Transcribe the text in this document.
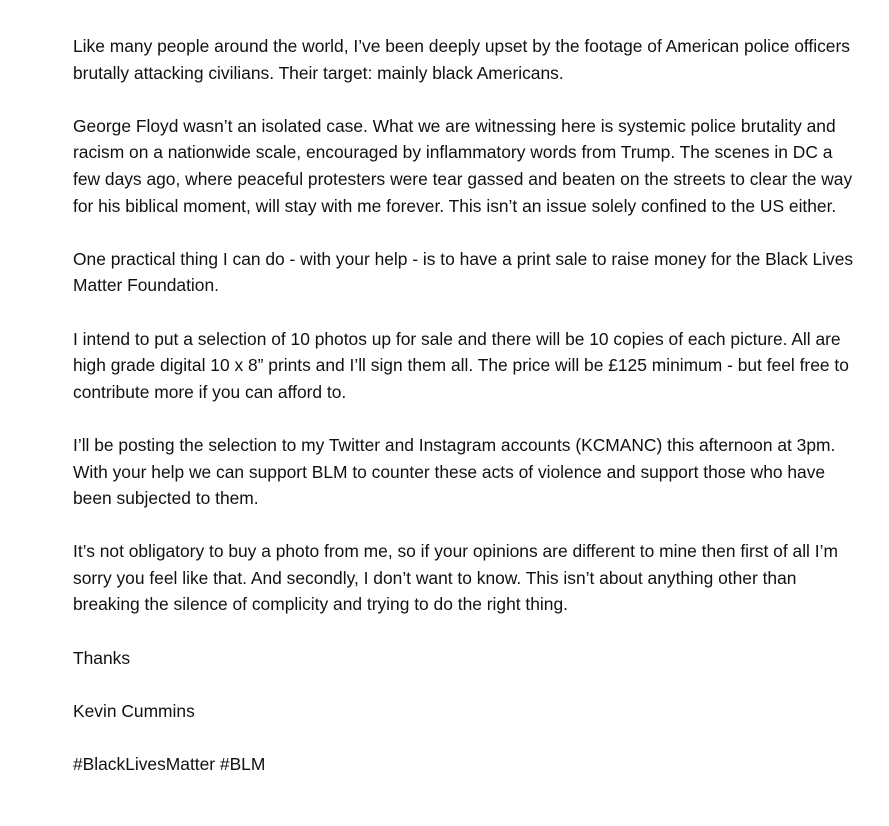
Like many people around the world, I’ve been deeply upset by the footage of American police officers brutally attacking civilians. Their target: mainly black Americans.

George Floyd wasn’t an isolated case. What we are witnessing here is systemic police brutality and racism on a nationwide scale, encouraged by inflammatory words from Trump. The scenes in DC a few days ago, where peaceful protesters were tear gassed and beaten on the streets to clear the way for his biblical moment, will stay with me forever. This isn’t an issue solely confined to the US either.

One practical thing I can do - with your help - is to have a print sale to raise money for the Black Lives Matter Foundation.

I intend to put a selection of 10 photos up for sale and there will be 10 copies of each picture. All are high grade digital 10 x 8” prints and I’ll sign them all. The price will be £125 minimum - but feel free to contribute more if you can afford to.

I’ll be posting the selection to my Twitter and Instagram accounts (KCMANC) this afternoon at 3pm. With your help we can support BLM to counter these acts of violence and support those who have been subjected to them.

It’s not obligatory to buy a photo from me, so if your opinions are different to mine then first of all I’m sorry you feel like that. And secondly, I don’t want to know. This isn’t about anything other than breaking the silence of complicity and trying to do the right thing.

Thanks

Kevin Cummins

#BlackLivesMatter #BLM
